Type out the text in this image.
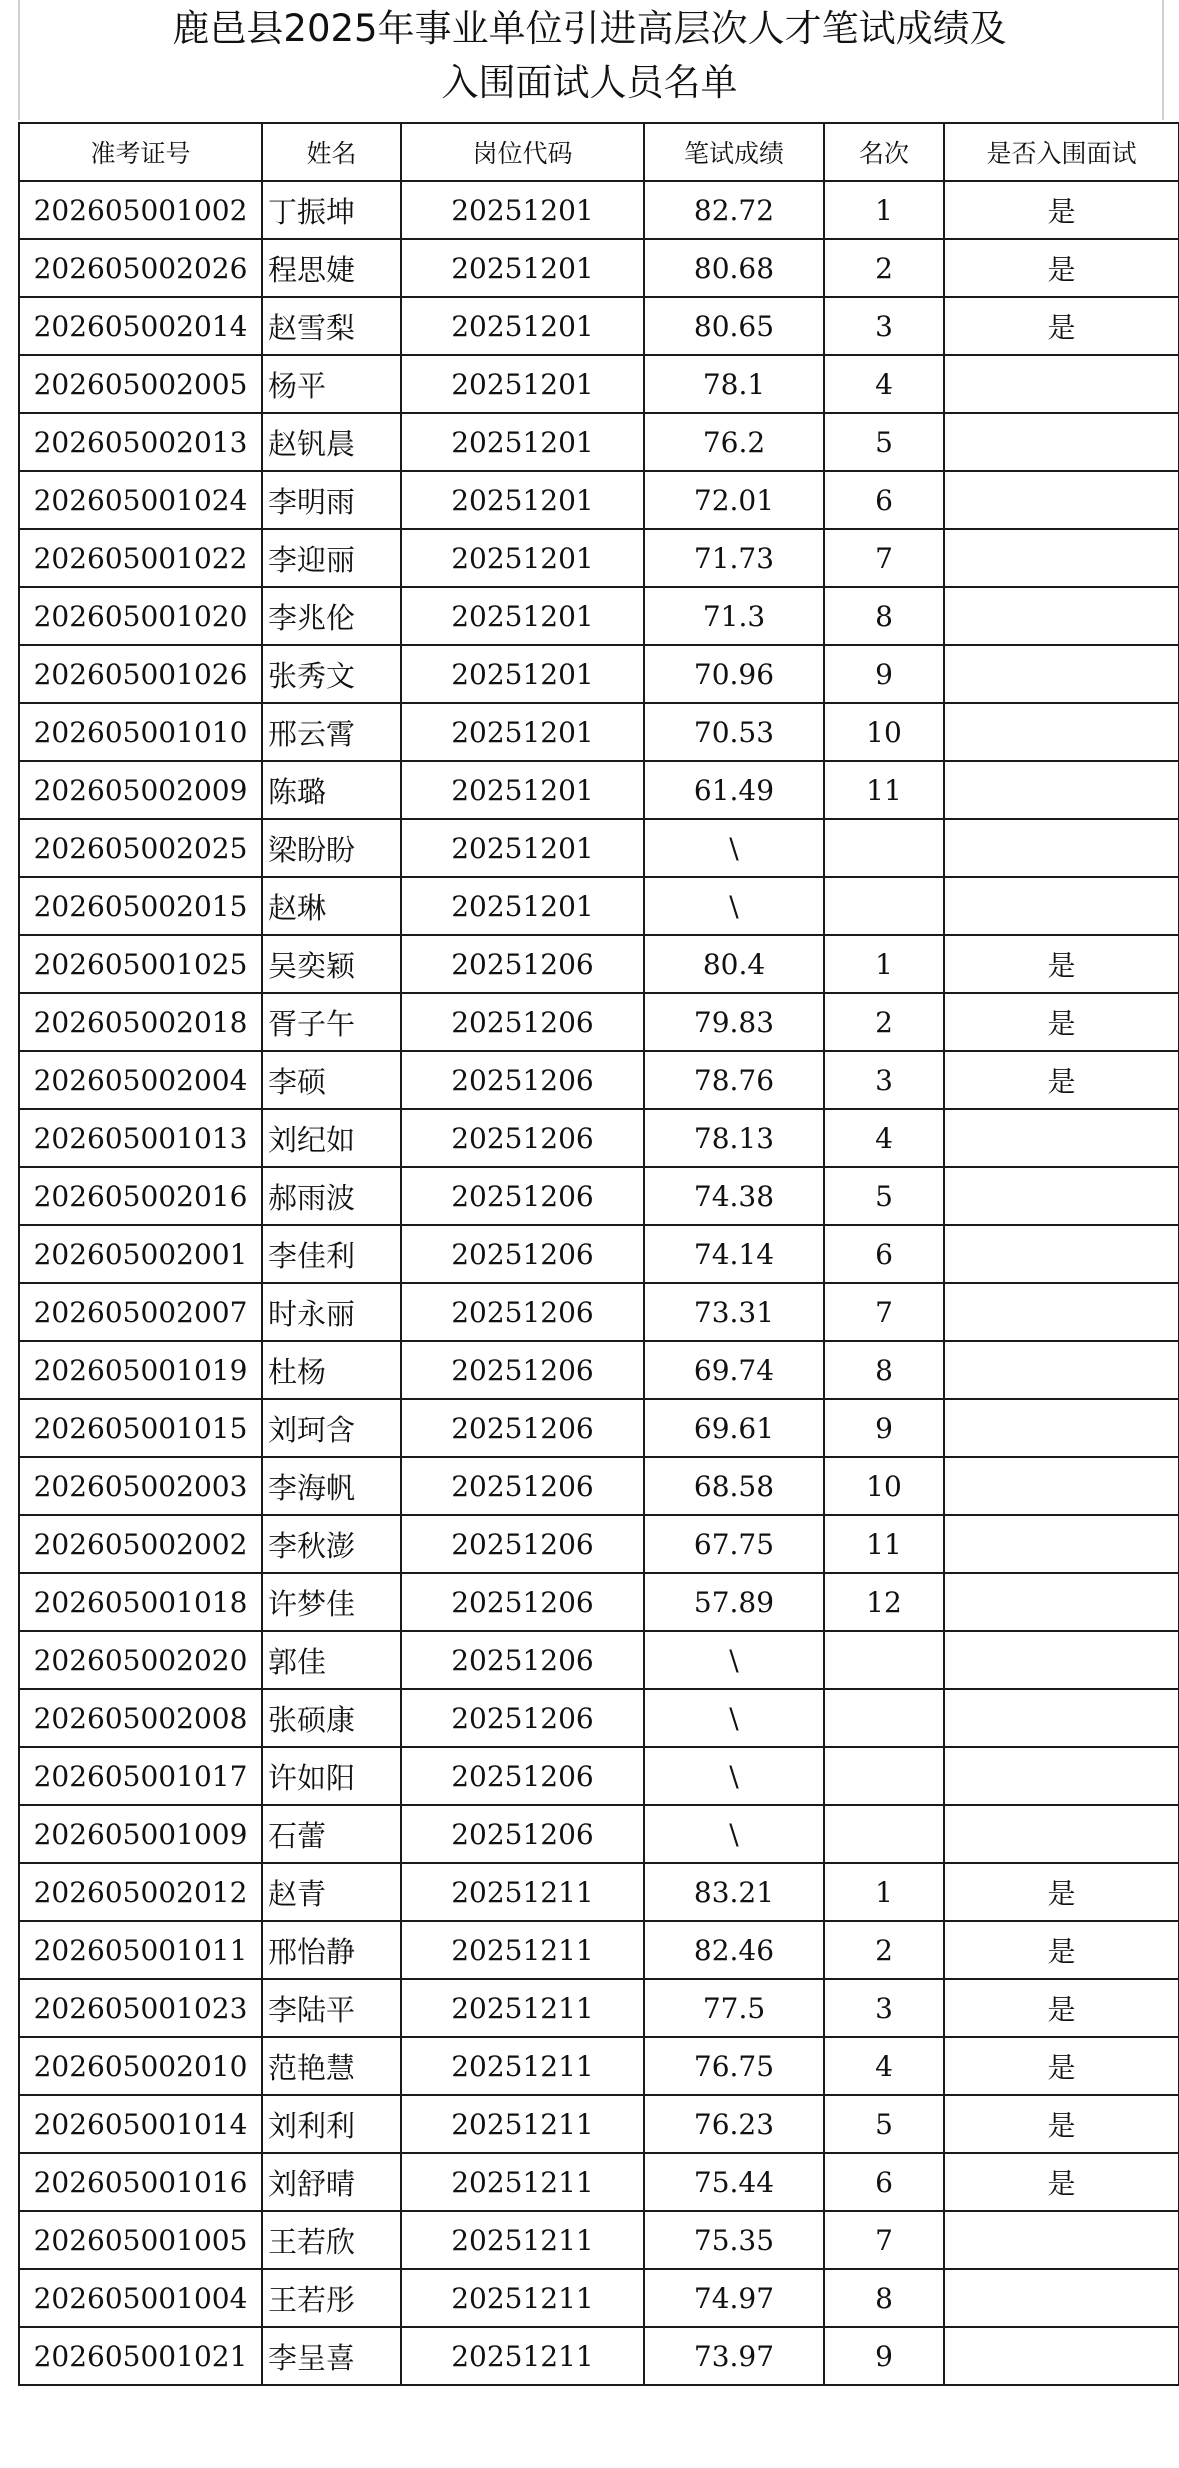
鹿邑县2025年事业单位引进高层次人才笔试成绩及
入围面试人员名单
准考证号	姓名	岗位代码	笔试成绩	名次	是否入围面试
202605001002	丁振坤	20251201	82.72	1	是
202605002026	程思婕	20251201	80.68	2	是
202605002014	赵雪梨	20251201	80.65	3	是
202605002005	杨平	20251201	78.1	4	
202605002013	赵钒晨	20251201	76.2	5	
202605001024	李明雨	20251201	72.01	6	
202605001022	李迎丽	20251201	71.73	7	
202605001020	李兆伦	20251201	71.3	8	
202605001026	张秀文	20251201	70.96	9	
202605001010	邢云霄	20251201	70.53	10	
202605002009	陈璐	20251201	61.49	11	
202605002025	梁盼盼	20251201	\		
202605002015	赵琳	20251201	\		
202605001025	吴奕颖	20251206	80.4	1	是
202605002018	胥子午	20251206	79.83	2	是
202605002004	李硕	20251206	78.76	3	是
202605001013	刘纪如	20251206	78.13	4	
202605002016	郝雨波	20251206	74.38	5	
202605002001	李佳利	20251206	74.14	6	
202605002007	时永丽	20251206	73.31	7	
202605001019	杜杨	20251206	69.74	8	
202605001015	刘珂含	20251206	69.61	9	
202605002003	李海帆	20251206	68.58	10	
202605002002	李秋澎	20251206	67.75	11	
202605001018	许梦佳	20251206	57.89	12	
202605002020	郭佳	20251206	\		
202605002008	张硕康	20251206	\		
202605001017	许如阳	20251206	\		
202605001009	石蕾	20251206	\		
202605002012	赵青	20251211	83.21	1	是
202605001011	邢怡静	20251211	82.46	2	是
202605001023	李陆平	20251211	77.5	3	是
202605002010	范艳慧	20251211	76.75	4	是
202605001014	刘利利	20251211	76.23	5	是
202605001016	刘舒晴	20251211	75.44	6	是
202605001005	王若欣	20251211	75.35	7	
202605001004	王若彤	20251211	74.97	8	
202605001021	李呈喜	20251211	73.97	9	
